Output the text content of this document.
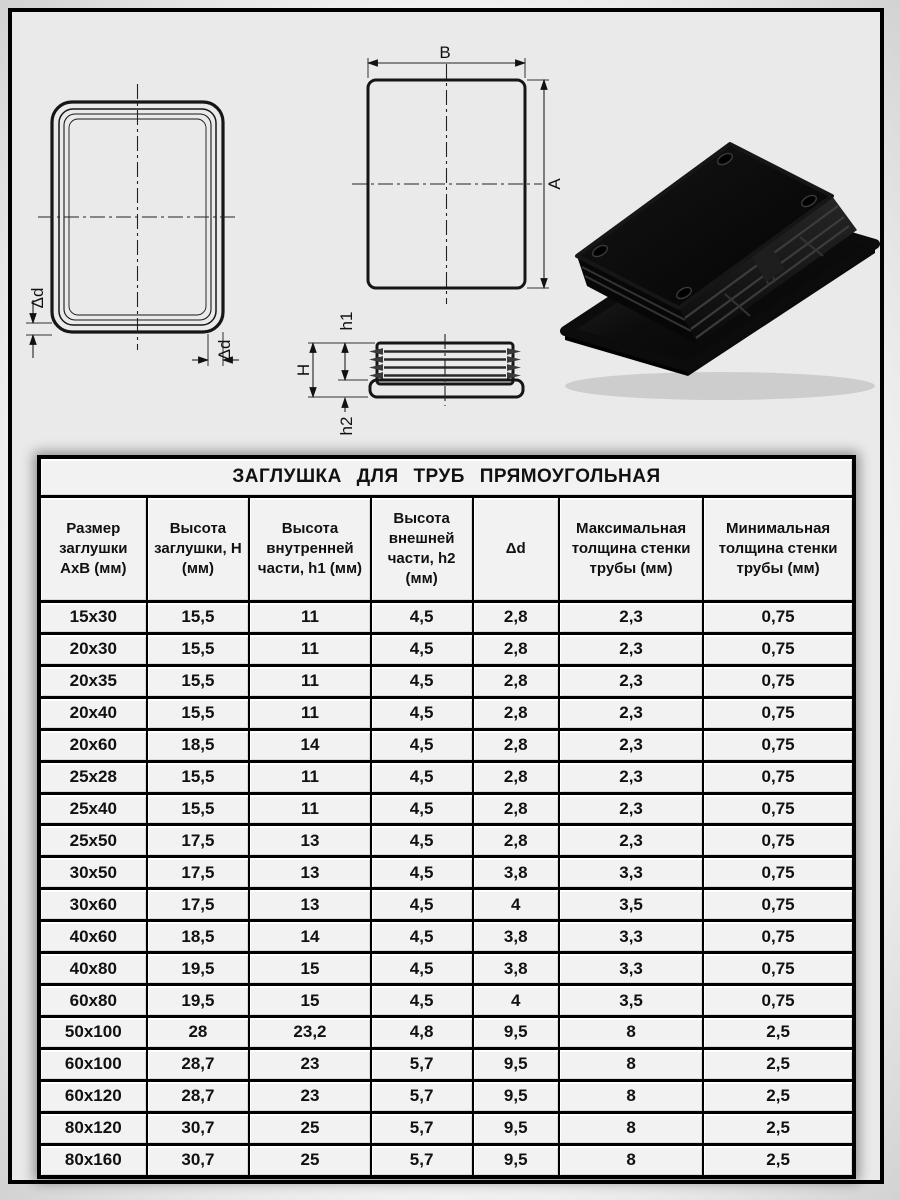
Δd
Δd
B
A
H
h1
h2
ЗАГЛУШКА ДЛЯ ТРУБ ПРЯМОУГОЛЬНАЯ						
Размер заглушки АхВ (мм)	Высота заглушки, Н (мм)	Высота внутренней части, h1 (мм)	Высота внешней части, h2 (мм)	Δd	Максимальная толщина стенки трубы (мм)	Минимальная толщина стенки трубы (мм)
15х30	15,5	11	4,5	2,8	2,3	0,75
20х30	15,5	11	4,5	2,8	2,3	0,75
20х35	15,5	11	4,5	2,8	2,3	0,75
20х40	15,5	11	4,5	2,8	2,3	0,75
20х60	18,5	14	4,5	2,8	2,3	0,75
25х28	15,5	11	4,5	2,8	2,3	0,75
25х40	15,5	11	4,5	2,8	2,3	0,75
25х50	17,5	13	4,5	2,8	2,3	0,75
30х50	17,5	13	4,5	3,8	3,3	0,75
30х60	17,5	13	4,5	4	3,5	0,75
40х60	18,5	14	4,5	3,8	3,3	0,75
40х80	19,5	15	4,5	3,8	3,3	0,75
60х80	19,5	15	4,5	4	3,5	0,75
50х100	28	23,2	4,8	9,5	8	2,5
60х100	28,7	23	5,7	9,5	8	2,5
60х120	28,7	23	5,7	9,5	8	2,5
80х120	30,7	25	5,7	9,5	8	2,5
80х160	30,7	25	5,7	9,5	8	2,5
